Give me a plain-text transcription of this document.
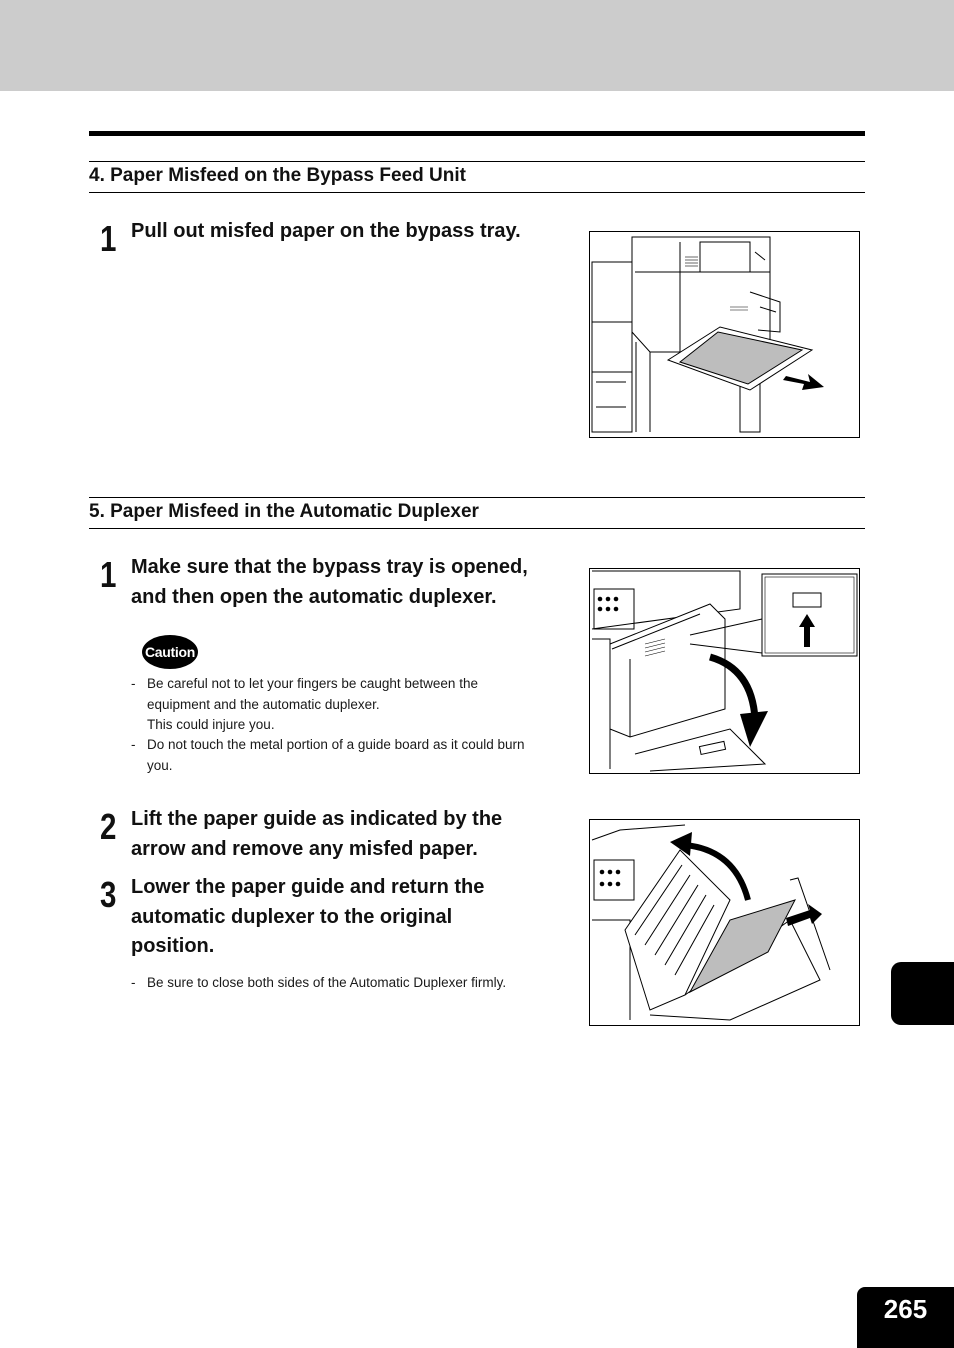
4. Paper Misfeed on the Bypass Feed Unit
1 Pull out misfed paper on the bypass tray.
5. Paper Misfeed in the Automatic Duplexer
1 Make sure that the bypass tray is opened,
and then open the automatic duplexer.
Caution
- Be careful not to let your fingers be caught between the
equipment and the automatic duplexer.
This could injure you.
- Do not touch the metal portion of a guide board as it could burn
you.
2 Lift the paper guide as indicated by the
arrow and remove any misfed paper.
3 Lower the paper guide and return the
automatic duplexer to the original
position.
- Be sure to close both sides of the Automatic Duplexer firmly.
265
